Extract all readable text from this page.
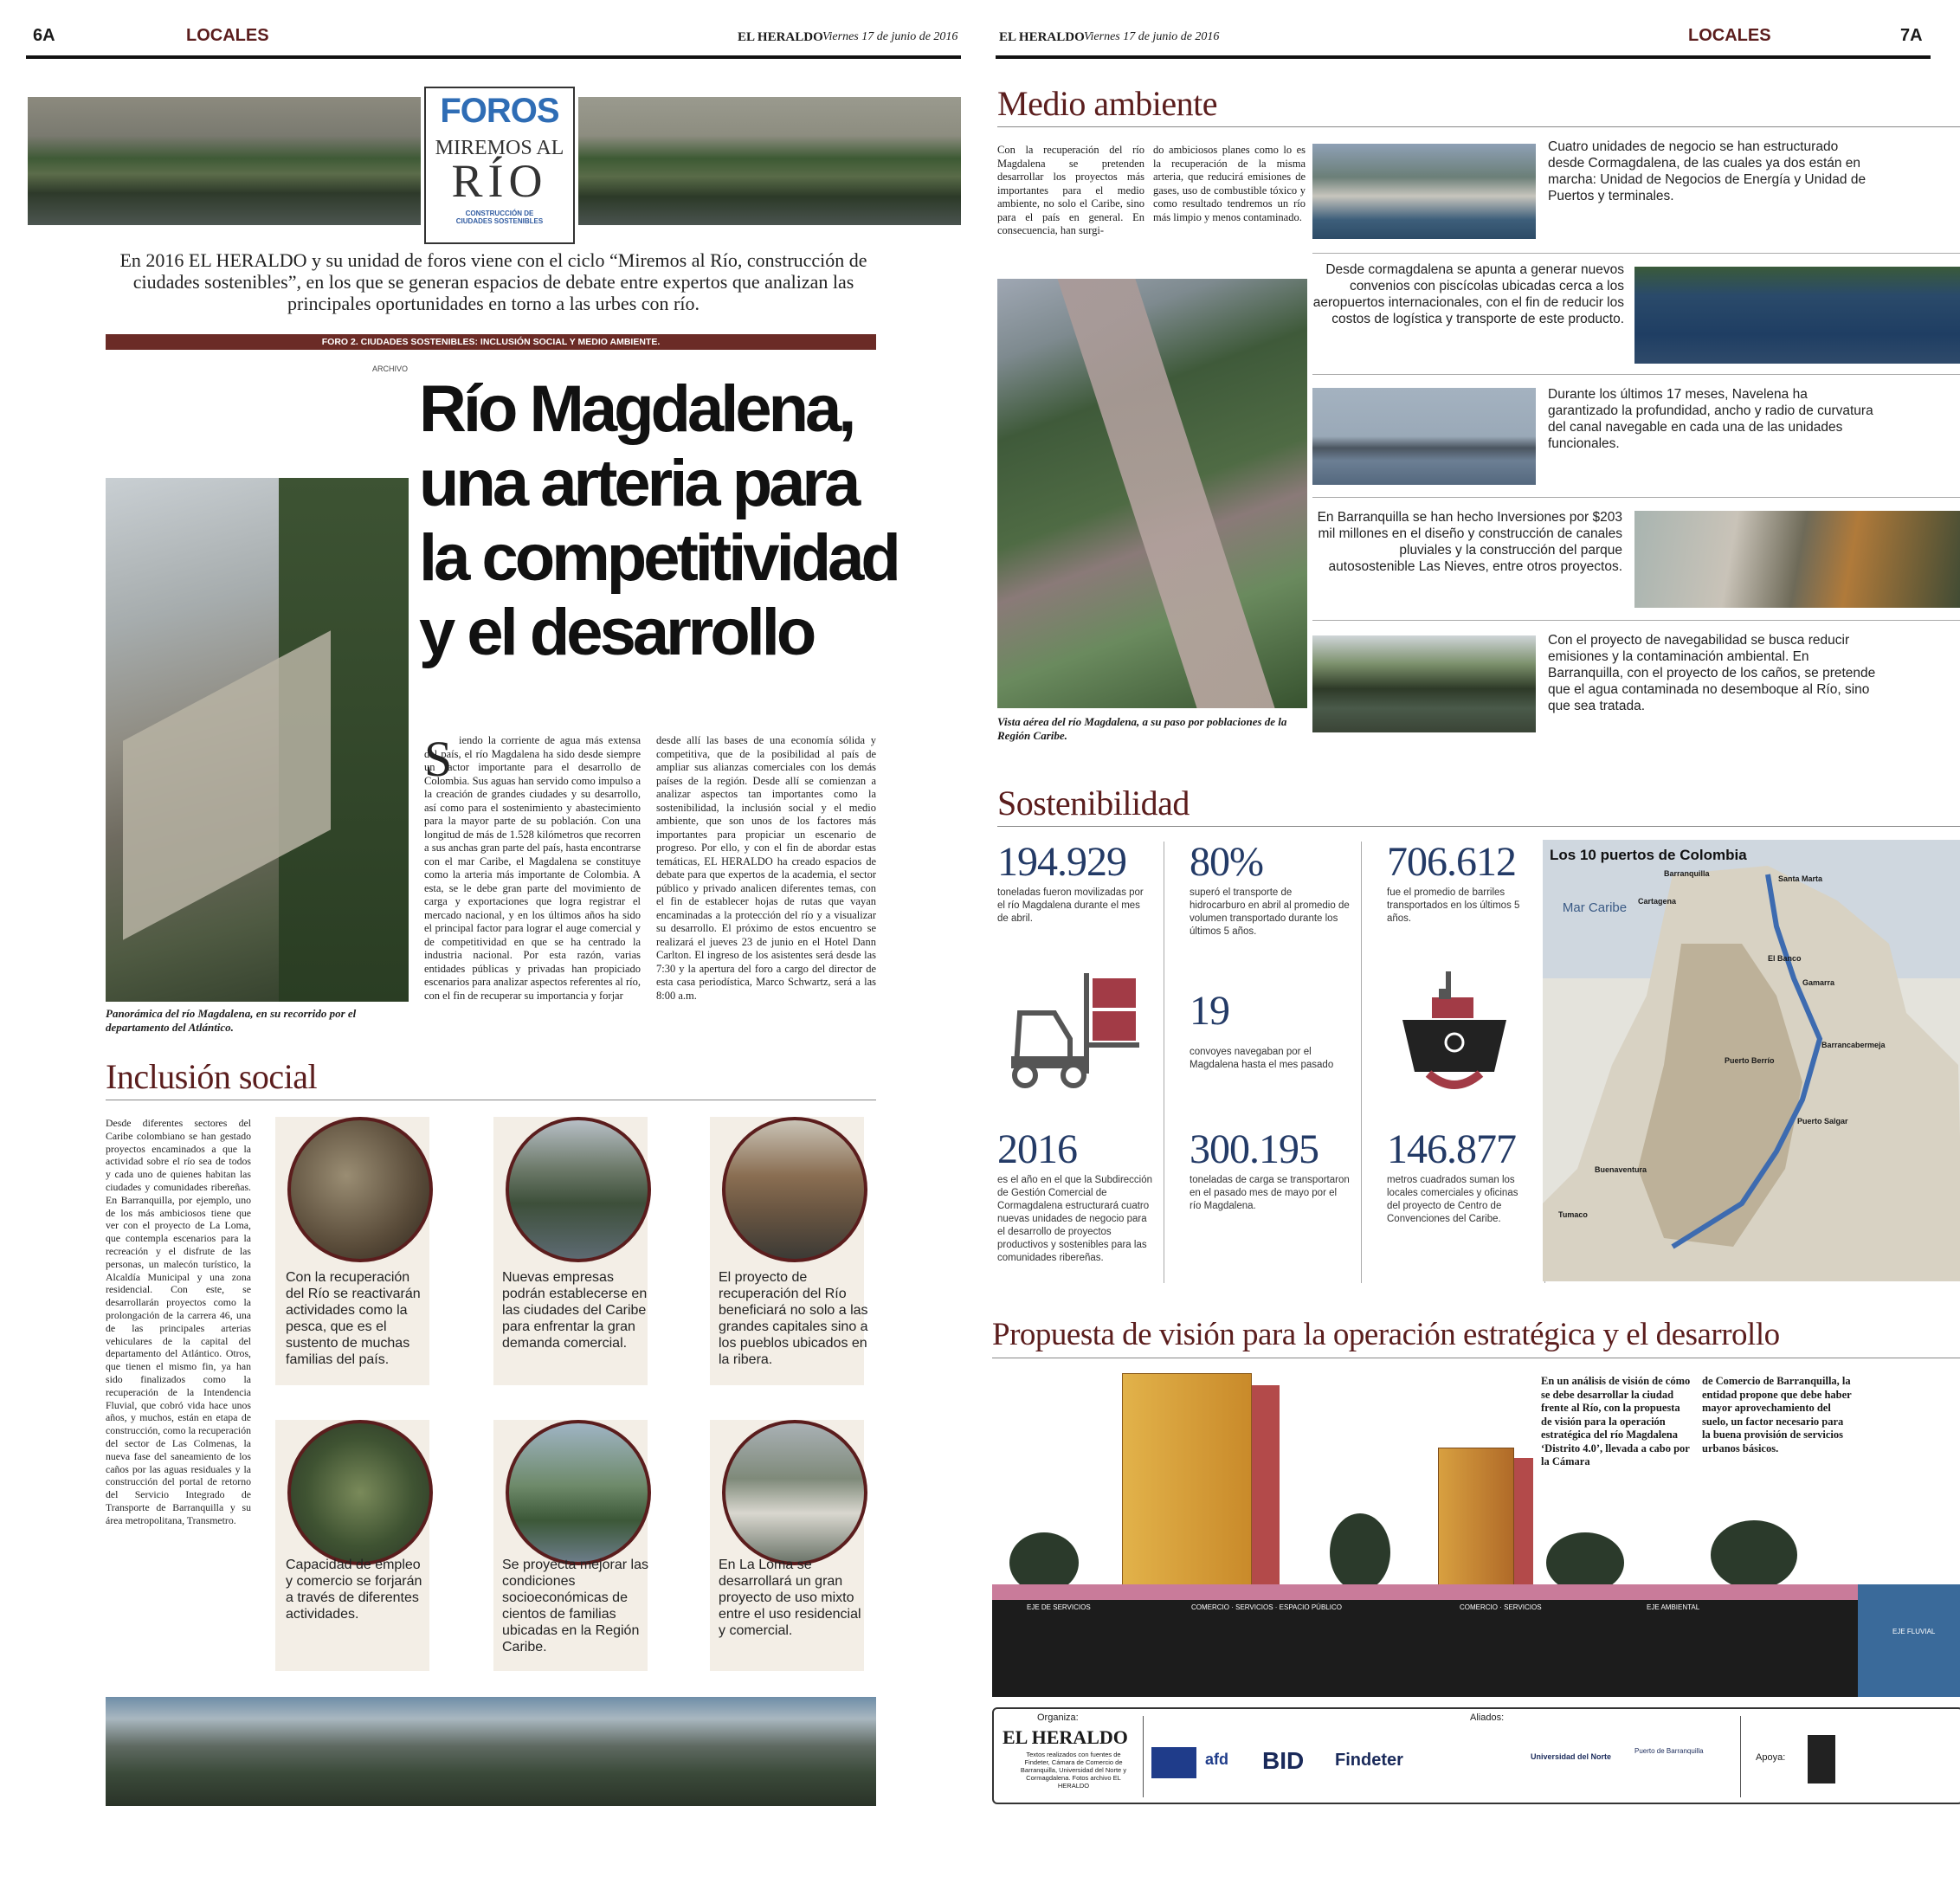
6A	LOCALES	EL HERALDO Viernes 17 de junio de 2016
FOROS
MIREMOS AL
RÍO
CONSTRUCCIÓN DE CIUDADES SOSTENIBLES
En 2016 EL HERALDO y su unidad de foros viene con el ciclo “Miremos al Río, construcción de ciudades sostenibles”, en los que se generan espacios de debate entre expertos que analizan las principales oportunidades en torno a las urbes con río.
FORO 2. CIUDADES SOSTENIBLES: INCLUSIÓN SOCIAL Y MEDIO AMBIENTE.
ARCHIVO
Río Magdalena,
una arteria para
la competitividad
y el desarrollo
Panorámica del río Magdalena, en su recorrido por el departamento del Atlántico.
S iendo la corriente de agua más extensa del país, el río Magdalena ha sido desde siempre un factor importante para el desarrollo de Colombia. Sus aguas han servido como impulso a la creación de grandes ciudades y su desarrollo, así como para el sostenimiento y abastecimiento para la mayor parte de su población. Con una longitud de más de 1.528 kilómetros que recorren a sus anchas gran parte del país, hasta encontrarse con el mar Caribe, el Magdalena se constituye como la arteria más importante de Colombia. A esta, se le debe gran parte del movimiento de carga y exportaciones que logra registrar el mercado nacional, y en los últimos años ha sido el principal factor para lograr el auge comercial y de competitividad en que se ha centrado la industria nacional. Por esta razón, varias entidades públicas y privadas han propiciado escenarios para analizar aspectos referentes al río, con el fin de recuperar su importancia y forjar
desde allí las bases de una economía sólida y competitiva, que de la posibilidad al país de ampliar sus alianzas comerciales con los demás países de la región. Desde allí se comienzan a analizar aspectos tan importantes como la sostenibilidad, la inclusión social y el medio ambiente, que son unos de los factores más importantes para propiciar un escenario de progreso. Por ello, y con el fin de abordar estas temáticas, EL HERALDO ha creado espacios de debate para que expertos de la academia, el sector público y privado analicen diferentes temas, con el fin de establecer hojas de rutas que vayan encaminadas a la protección del río y a visualizar su desarrollo. El próximo de estos encuentro se realizará el jueves 23 de junio en el Hotel Dann Carlton. El ingreso de los asistentes será desde las 7:30 y la apertura del foro a cargo del director de esta casa periodística, Marco Schwartz, será a las 8:00 a.m.
Inclusión social
Desde diferentes sectores del Caribe colombiano se han gestado proyectos encaminados a que la actividad sobre el río sea de todos y cada uno de quienes habitan las ciudades y comunidades ribereñas. En Barranquilla, por ejemplo, uno de los más ambiciosos tiene que ver con el proyecto de La Loma, que contempla escenarios para la recreación y el disfrute de las personas, un malecón turístico, la Alcaldía Municipal y una zona residencial. Con este, se desarrollarán proyectos como la prolongación de la carrera 46, una de las principales arterias vehiculares de la capital del departamento del Atlántico. Otros, que tienen el mismo fin, ya han sido finalizados como la recuperación de la Intendencia Fluvial, que cobró vida hace unos años, y muchos, están en etapa de construcción, como la recuperación del sector de Las Colmenas, la nueva fase del saneamiento de los caños por las aguas residuales y la construcción del portal de retorno del Servicio Integrado de Transporte de Barranquilla y su área metropolitana, Transmetro.
Con la recuperación del Río se reactivarán actividades como la pesca, que es el sustento de muchas familias del país.
Nuevas empresas podrán establecerse en las ciudades del Caribe para enfrentar la gran demanda comercial.
El proyecto de recuperación del Río beneficiará no solo a las grandes capitales sino a los pueblos ubicados en la ribera.
Capacidad de empleo y comercio se forjarán a través de diferentes actividades.
Se proyecta mejorar las condiciones socioeconómicas de cientos de familias ubicadas en la Región Caribe.
En La Loma se desarrollará un gran proyecto de uso mixto entre el uso residencial y comercial.
EL HERALDO Viernes 17 de junio de 2016	LOCALES	7A
Medio ambiente
Con la recuperación del río Magdalena se pretenden desarrollar los proyectos más importantes para el medio ambiente, no solo el Caribe, sino para el país en general. En consecuencia, han surgi-
do ambiciosos planes como lo es la recuperación de la misma arteria, que reducirá emisiones de gases, uso de combustible tóxico y como resultado tendremos un río más limpio y menos contaminado.
Vista aérea del río Magdalena, a su paso por poblaciones de la Región Caribe.
Cuatro unidades de negocio se han estructurado desde Cormagdalena, de las cuales ya dos están en marcha: Unidad de Negocios de Energía y Unidad de Puertos y terminales.
Desde cormagdalena se apunta a generar nuevos convenios con piscícolas ubicadas cerca a los aeropuertos internacionales, con el fin de reducir los costos de logística y transporte de este producto.
Durante los últimos 17 meses, Navelena ha garantizado la profundidad, ancho y radio de curvatura del canal navegable en cada una de las unidades funcionales.
En Barranquilla se han hecho Inversiones por $203 mil millones en el diseño y construcción de canales pluviales y la construcción del parque autosostenible Las Nieves, entre otros proyectos.
Con el proyecto de navegabilidad se busca reducir emisiones y la contaminación ambiental. En Barranquilla, con el proyecto de los caños, se pretende que el agua contaminada no desemboque al Río, sino que sea tratada.
Sostenibilidad
194.929
toneladas fueron movilizadas por el río Magdalena durante el mes de abril.
80%
superó el transporte de hidrocarburo en abril al promedio de volumen transportado durante los últimos 5 años.
706.612
fue el promedio de barriles transportados en los últimos 5 años.
19
convoyes navegaban por el Magdalena hasta el mes pasado
2016
es el año en el que la Subdirección de Gestión Comercial de Cormagdalena estructurará cuatro nuevas unidades de negocio para el desarrollo de proyectos productivos y sostenibles para las comunidades ribereñas.
300.195
toneladas de carga se transportaron en el pasado mes de mayo por el río Magdalena.
146.877
metros cuadrados suman los locales comerciales y oficinas del proyecto de Centro de Convenciones del Caribe.
Los 10 puertos de Colombia
Mar Caribe
Barranquilla
Santa Marta
Cartagena
El Banco
Gamarra
Barrancabermeja
Puerto Berrío
Puerto Salgar
Buenaventura
Tumaco
Propuesta de visión para la operación estratégica y el desarrollo
En un análisis de visión de cómo se debe desarrollar la ciudad frente al Río, con la propuesta de visión para la operación estratégica del río Magdalena ‘Distrito 4.0’, llevada a cabo por la Cámara
de Comercio de Barranquilla, la entidad propone que debe haber mayor aprovechamiento del suelo, un factor necesario para la buena provisión de servicios urbanos básicos.
EJE DE SERVICIOS	COMERCIO · SERVICIOS · ESPACIO PÚBLICO	COMERCIO · SERVICIOS	EJE AMBIENTAL
EJE FLUVIAL
Organiza:
EL HERALDO
Textos realizados con fuentes de Findeter, Cámara de Comercio de Barranquilla, Universidad del Norte y Cormagdalena. Fotos archivo EL HERALDO
Aliados:
afd BID Findeter	Universidad del Norte
Puerto de Barranquilla
Apoya:
